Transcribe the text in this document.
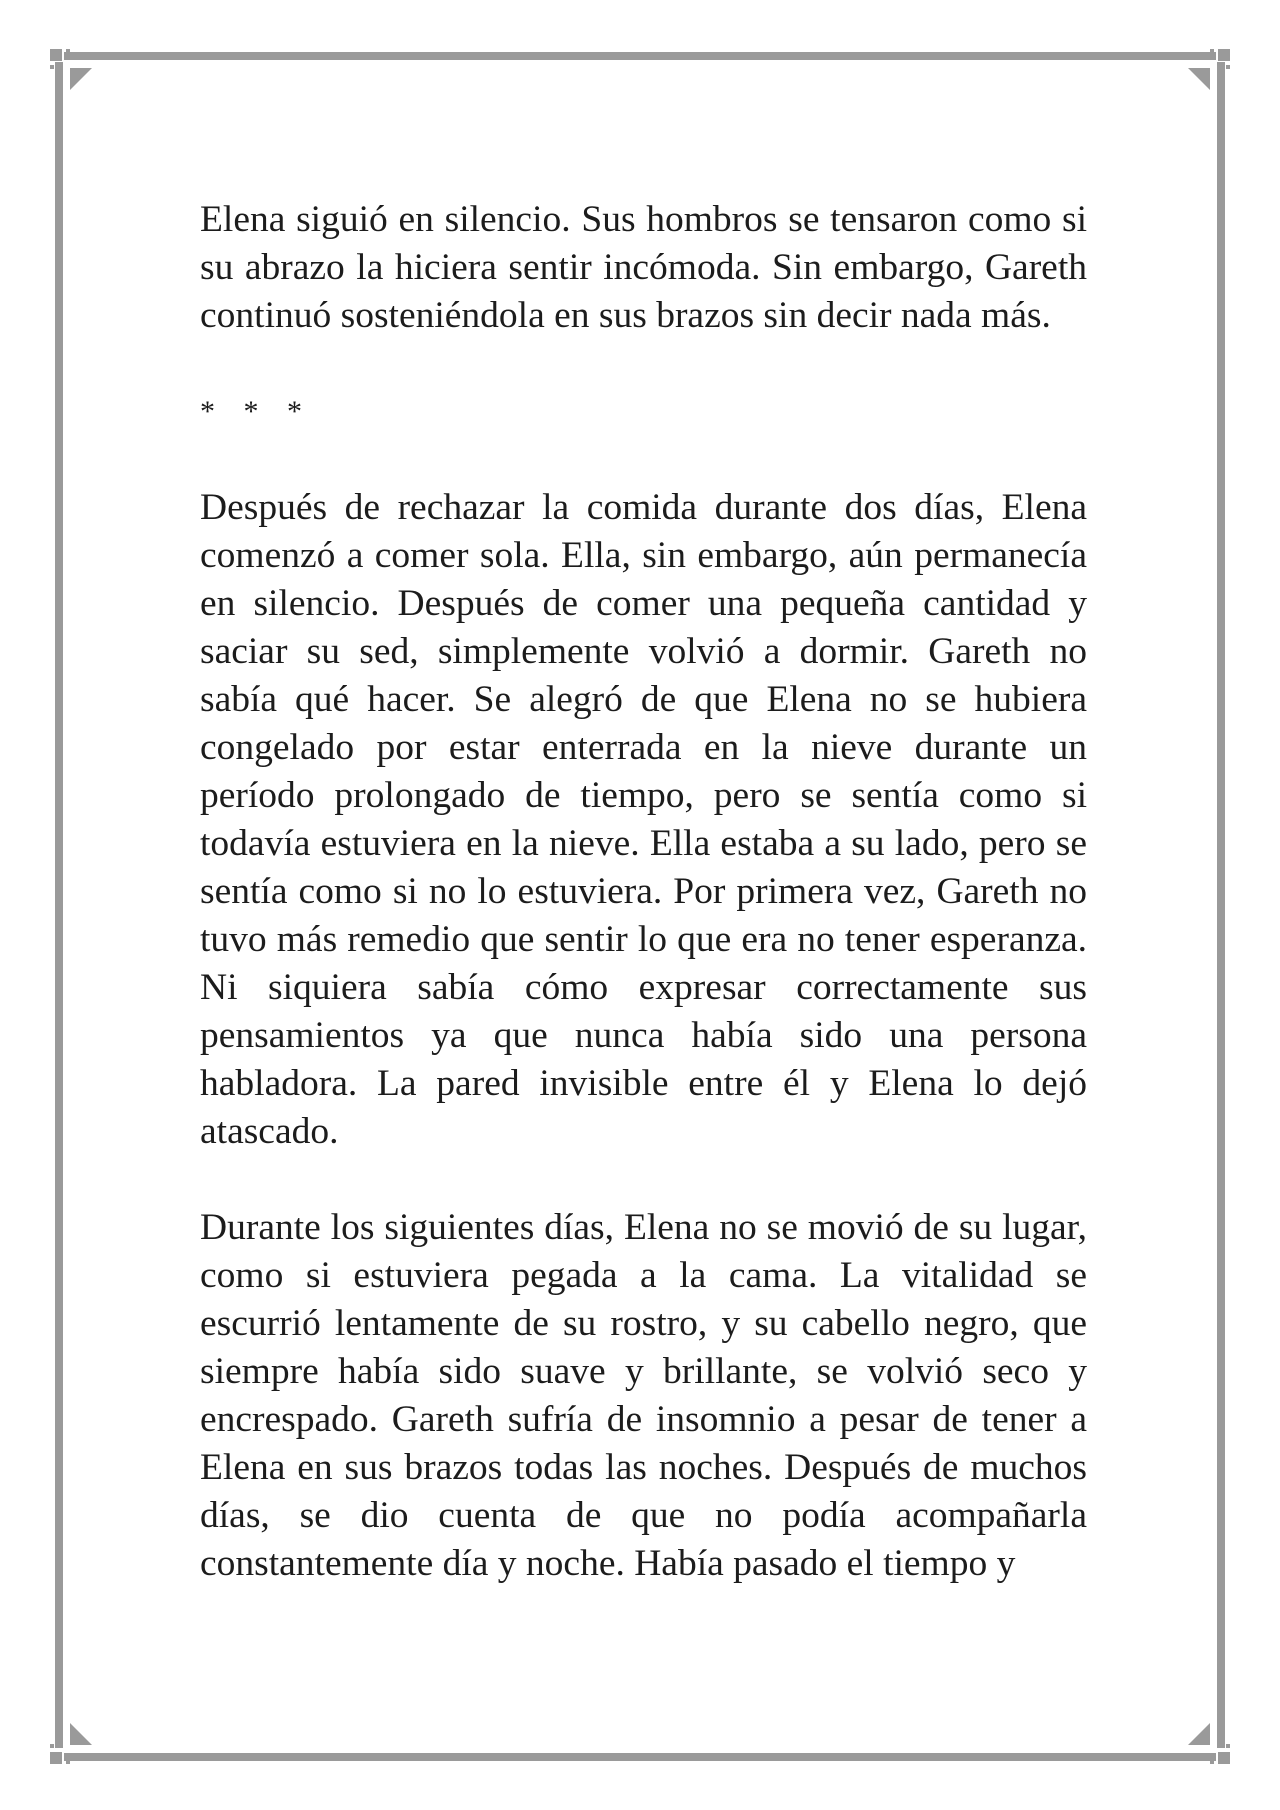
Elena siguió en silencio. Sus hombros se tensaron como si su abrazo la hiciera sentir incómoda. Sin embargo, Gareth continuó sosteniéndola en sus brazos sin decir nada más.

* * *

Después de rechazar la comida durante dos días, Elena comenzó a comer sola. Ella, sin embargo, aún permanecía en silencio. Después de comer una pequeña cantidad y saciar su sed, simplemente volvió a dormir. Gareth no sabía qué hacer. Se alegró de que Elena no se hubiera congelado por estar enterrada en la nieve durante un período prolongado de tiempo, pero se sentía como si todavía estuviera en la nieve. Ella estaba a su lado, pero se sentía como si no lo estuviera. Por primera vez, Gareth no tuvo más remedio que sentir lo que era no tener esperanza. Ni siquiera sabía cómo expresar correctamente sus pensamientos ya que nunca había sido una persona habladora. La pared invisible entre él y Elena lo dejó atascado.

Durante los siguientes días, Elena no se movió de su lugar, como si estuviera pegada a la cama. La vitalidad se escurrió lentamente de su rostro, y su cabello negro, que siempre había sido suave y brillante, se volvió seco y encrespado. Gareth sufría de insomnio a pesar de tener a Elena en sus brazos todas las noches. Después de muchos días, se dio cuenta de que no podía acompañarla constantemente día y noche. Había pasado el tiempo y
